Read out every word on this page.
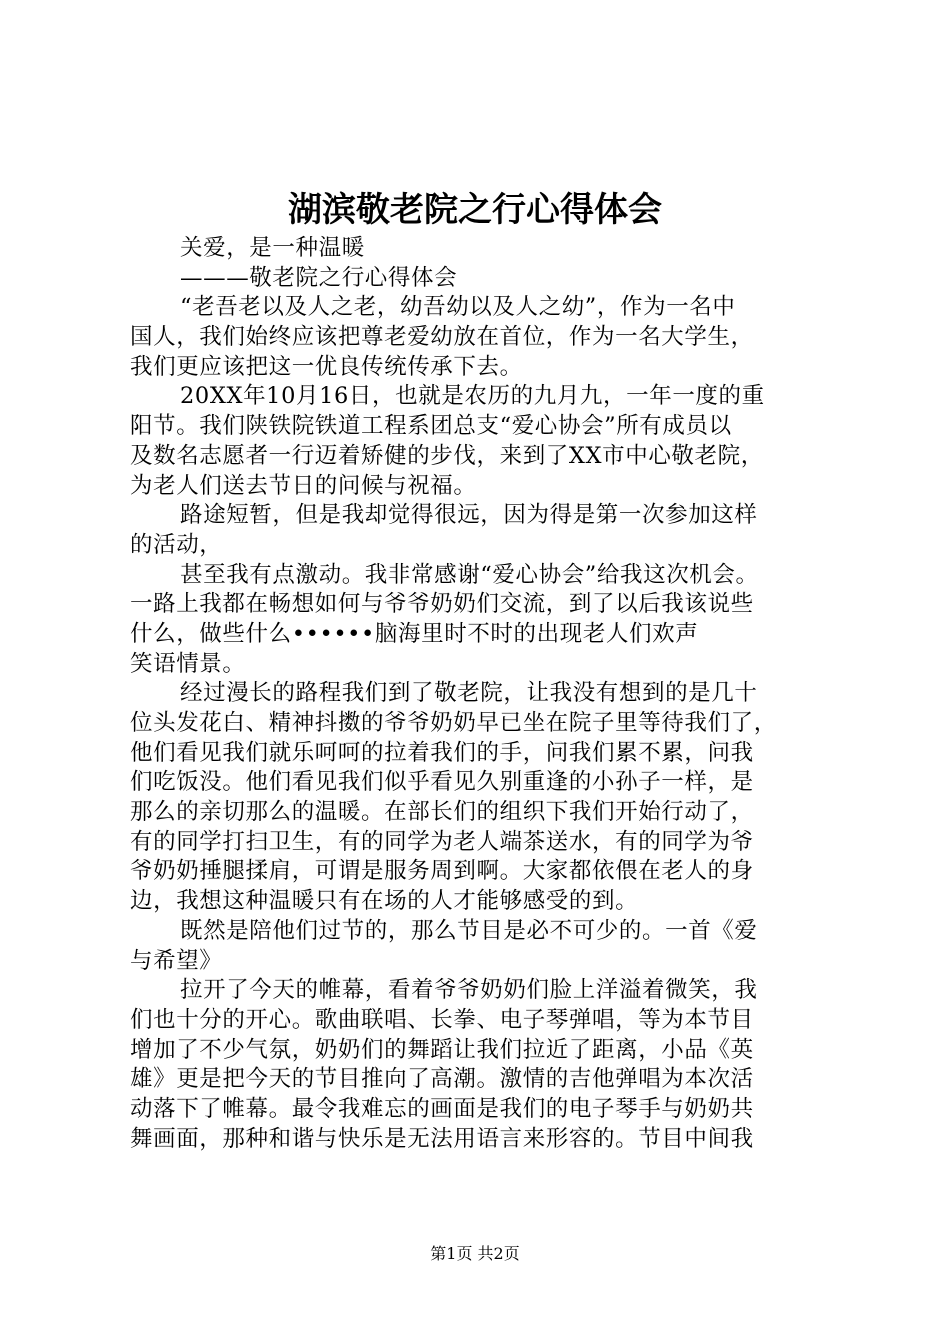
湖滨敬老院之行心得体会
关爱，是一种温暖
———敬老院之行心得体会
“老吾老以及人之老，幼吾幼以及人之幼”，作为一名中
国人，我们始终应该把尊老爱幼放在首位，作为一名大学生，
我们更应该把这一优良传统传承下去。
20XX年10月16日，也就是农历的九月九，一年一度的重
阳节。我们陕铁院铁道工程系团总支“爱心协会”所有成员以
及数名志愿者一行迈着矫健的步伐，来到了XX市中心敬老院，
为老人们送去节日的问候与祝福。
路途短暂，但是我却觉得很远，因为得是第一次参加这样
的活动，
甚至我有点激动。我非常感谢“爱心协会”给我这次机会。
一路上我都在畅想如何与爷爷奶奶们交流，到了以后我该说些
什么，做些什么••••••脑海里时不时的出现老人们欢声
笑语情景。
经过漫长的路程我们到了敬老院，让我没有想到的是几十
位头发花白、精神抖擞的爷爷奶奶早已坐在院子里等待我们了，
他们看见我们就乐呵呵的拉着我们的手，问我们累不累，问我
们吃饭没。他们看见我们似乎看见久别重逢的小孙子一样，是
那么的亲切那么的温暖。在部长们的组织下我们开始行动了，
有的同学打扫卫生，有的同学为老人端茶送水，有的同学为爷
爷奶奶捶腿揉肩，可谓是服务周到啊。大家都依偎在老人的身
边，我想这种温暖只有在场的人才能够感受的到。
既然是陪他们过节的，那么节目是必不可少的。一首《爱
与希望》
拉开了今天的帷幕，看着爷爷奶奶们脸上洋溢着微笑，我
们也十分的开心。歌曲联唱、长拳、电子琴弹唱，等为本节目
增加了不少气氛，奶奶们的舞蹈让我们拉近了距离，小品《英
雄》更是把今天的节目推向了高潮。激情的吉他弹唱为本次活
动落下了帷幕。最令我难忘的画面是我们的电子琴手与奶奶共
舞画面，那种和谐与快乐是无法用语言来形容的。节目中间我
第1页 共2页
